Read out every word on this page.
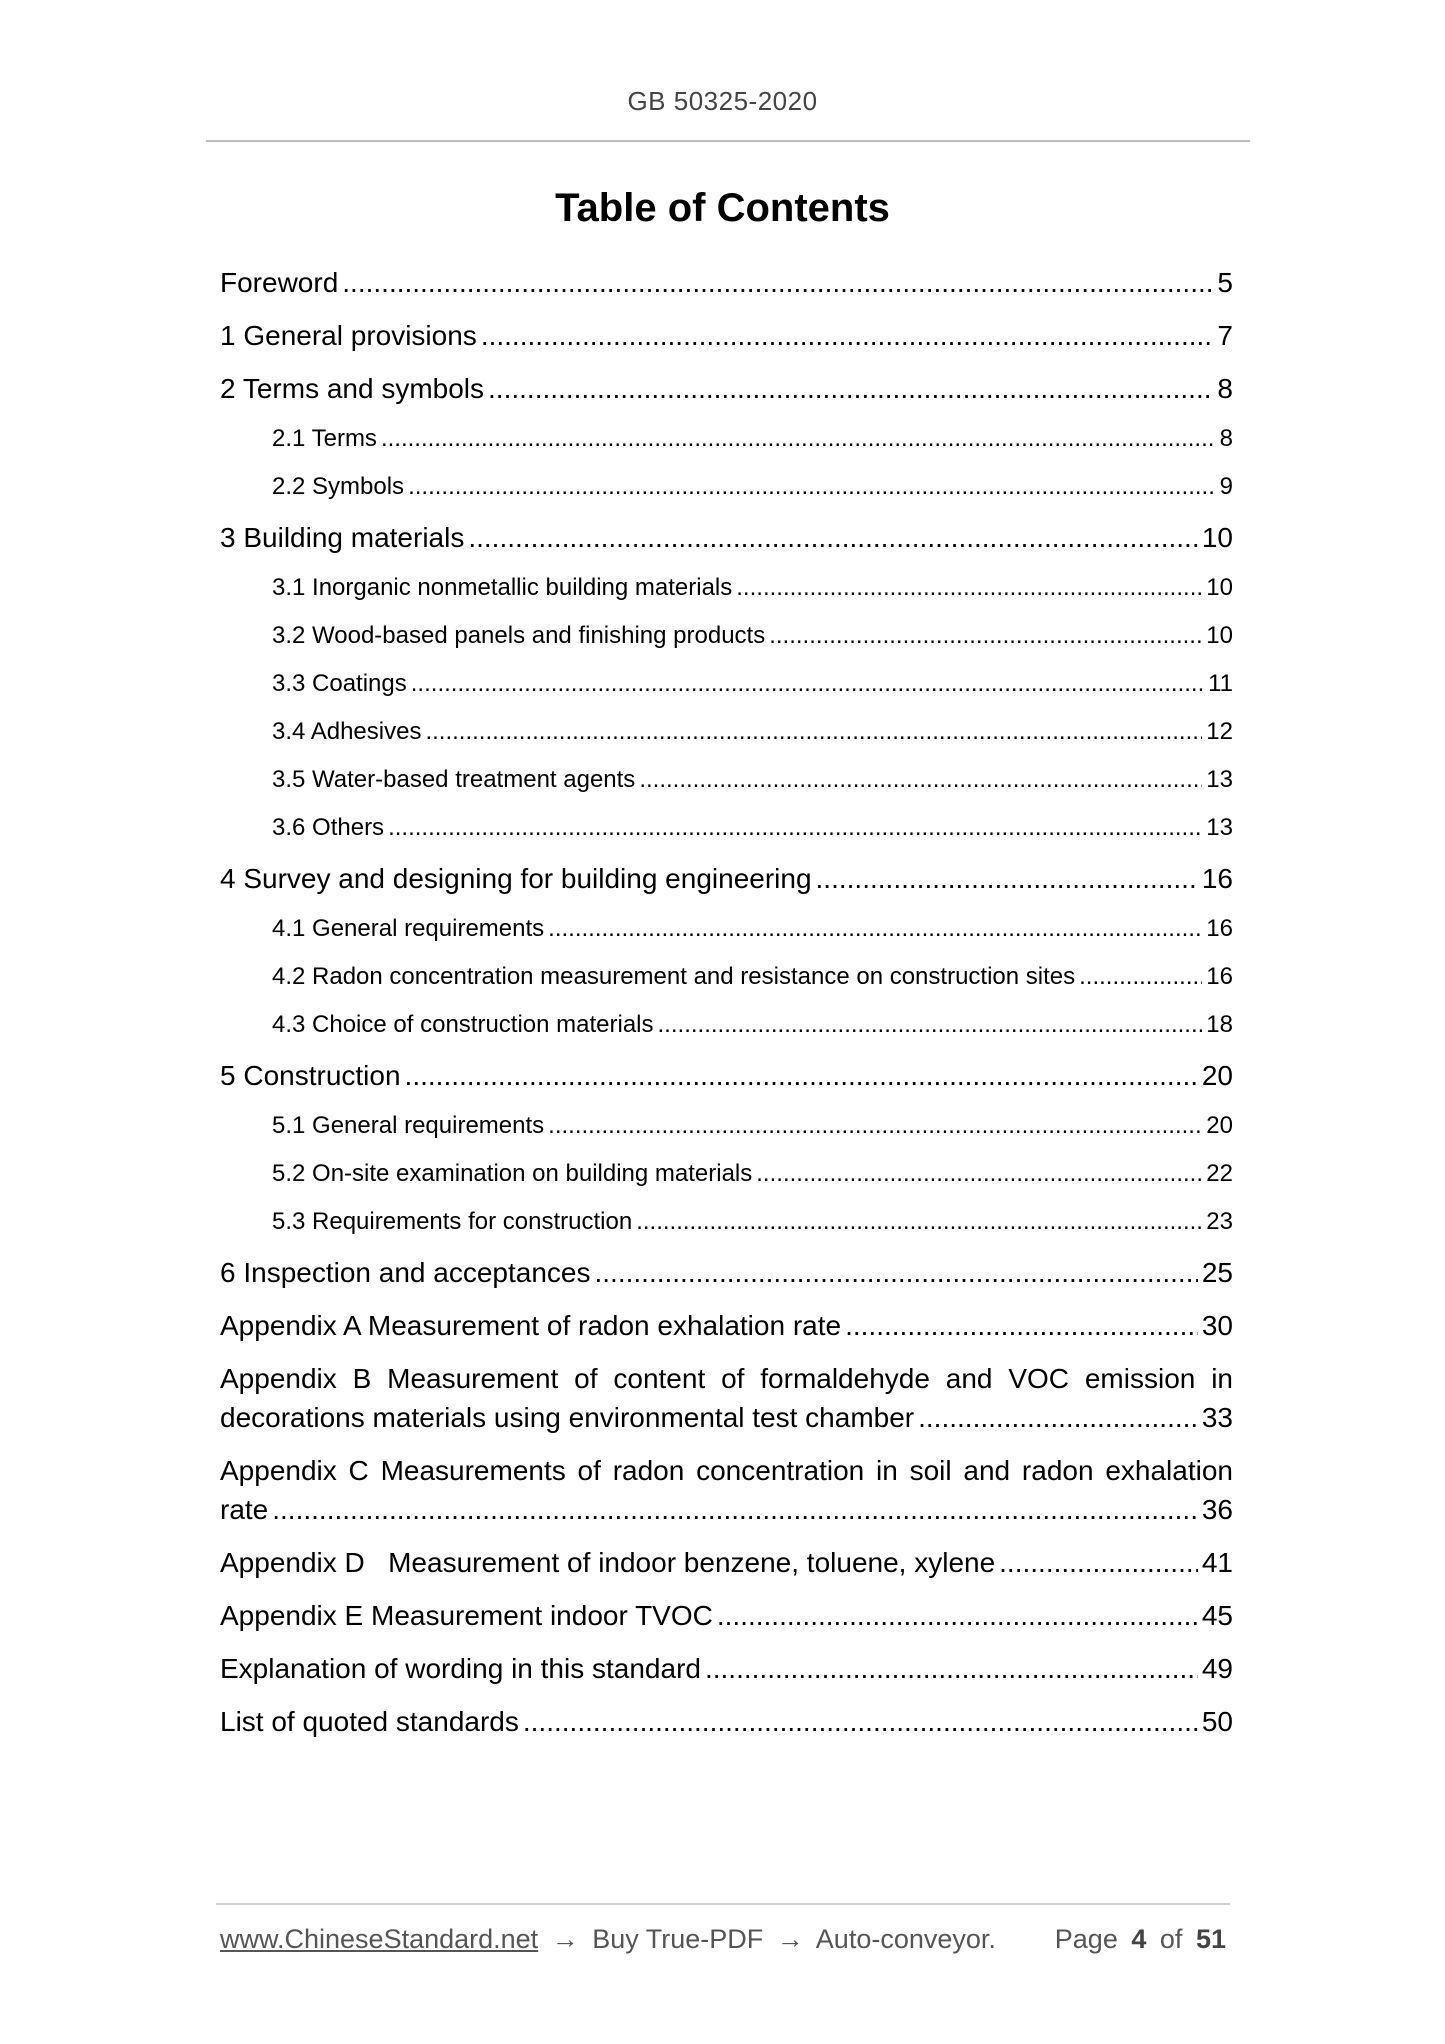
GB 50325-2020
Table of Contents
Foreword .....	5
1 General provisions .....	7
2 Terms and symbols .....	8
2.1 Terms .....	8
2.2 Symbols .....	9
3 Building materials .....	10
3.1 Inorganic nonmetallic building materials .....	10
3.2 Wood-based panels and finishing products .....	10
3.3 Coatings .....	11
3.4 Adhesives .....	12
3.5 Water-based treatment agents .....	13
3.6 Others .....	13
4 Survey and designing for building engineering .....	16
4.1 General requirements .....	16
4.2 Radon concentration measurement and resistance on construction sites .....	16
4.3 Choice of construction materials .....	18
5 Construction .....	20
5.1 General requirements .....	20
5.2 On-site examination on building materials .....	22
5.3 Requirements for construction .....	23
6 Inspection and acceptances .....	25
Appendix A Measurement of radon exhalation rate .....	30
Appendix B Measurement of content of formaldehyde and VOC emission in
decorations materials using environmental test chamber .....	33
Appendix C Measurements of radon concentration in soil and radon exhalation
rate .....	36
Appendix D   Measurement of indoor benzene, toluene, xylene .....	41
Appendix E Measurement indoor TVOC .....	45
Explanation of wording in this standard .....	49
List of quoted standards .....	50
www.ChineseStandard.net → Buy True-PDF → Auto-conveyor. Page 4 of 51
